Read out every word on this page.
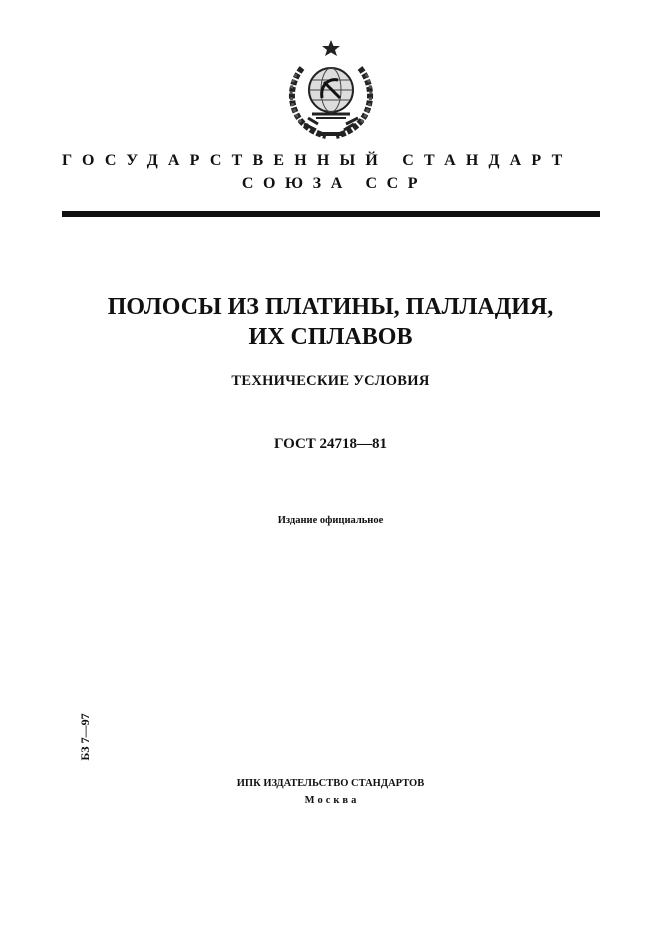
ГОСУДАРСТВЕННЫЙ СТАНДАРТ
СОЮЗА ССР
ПОЛОСЫ ИЗ ПЛАТИНЫ, ПАЛЛАДИЯ,
ИХ СПЛАВОВ
ТЕХНИЧЕСКИЕ УСЛОВИЯ
ГОСТ 24718—81
Издание официальное
БЗ 7—97
ИПК ИЗДАТЕЛЬСТВО СТАНДАРТОВ
Москва
